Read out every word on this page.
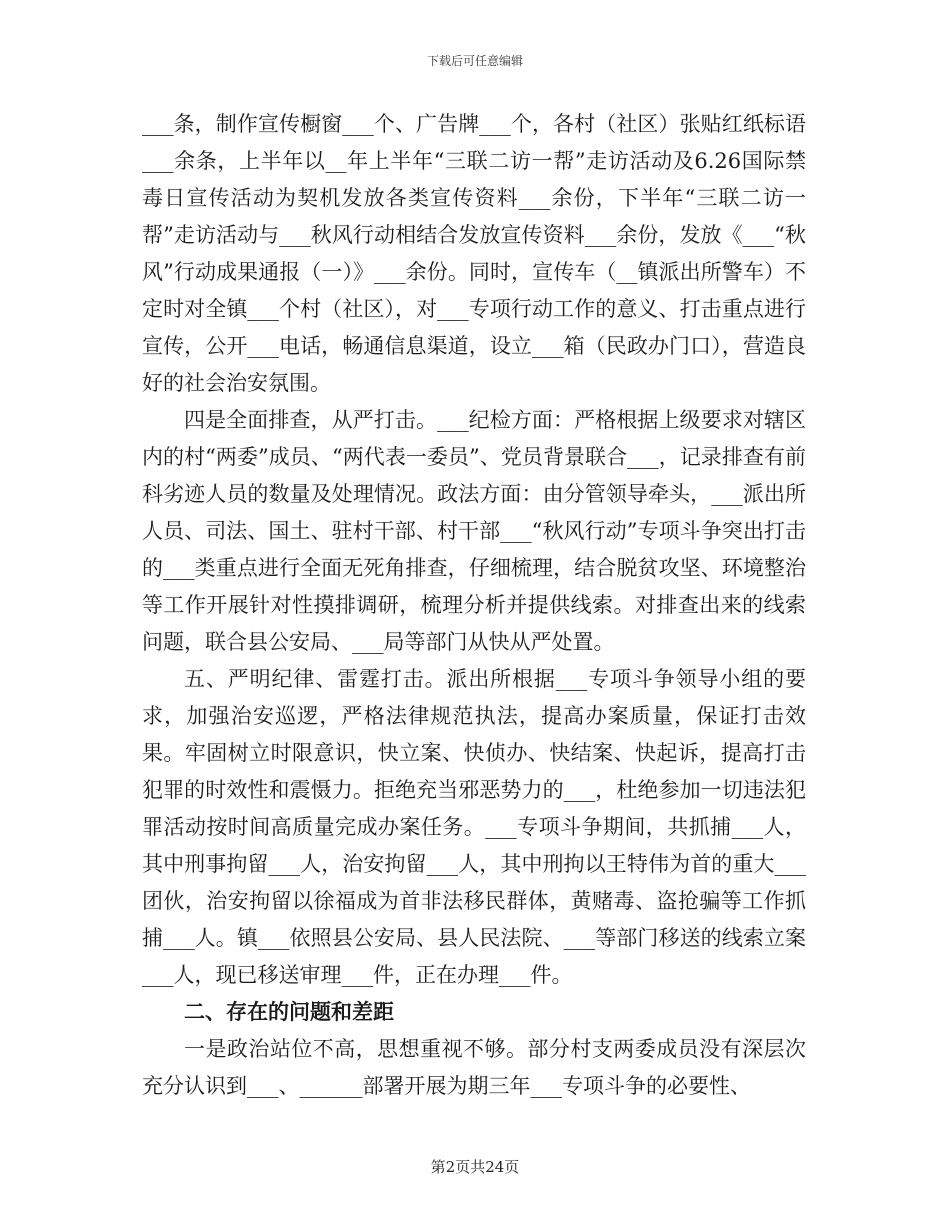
下载后可任意编辑

___条，制作宣传橱窗___个、广告牌___个，各村（社区）张贴红纸标语___余条，上半年以__年上半年“三联二访一帮”走访活动及6.26国际禁毒日宣传活动为契机发放各类宣传资料___余份，下半年“三联二访一帮”走访活动与___秋风行动相结合发放宣传资料___余份，发放《___“秋风”行动成果通报（一）》___余份。同时，宣传车（__镇派出所警车）不定时对全镇___个村（社区），对___专项行动工作的意义、打击重点进行宣传，公开___电话，畅通信息渠道，设立___箱（民政办门口），营造良好的社会治安氛围。

四是全面排查，从严打击。___纪检方面：严格根据上级要求对辖区内的村“两委”成员、“两代表一委员”、党员背景联合___，记录排查有前科劣迹人员的数量及处理情况。政法方面：由分管领导牵头，___派出所人员、司法、国土、驻村干部、村干部___“秋风行动”专项斗争突出打击的___类重点进行全面无死角排查，仔细梳理，结合脱贫攻坚、环境整治等工作开展针对性摸排调研，梳理分析并提供线索。对排查出来的线索问题，联合县公安局、___局等部门从快从严处置。

五、严明纪律、雷霆打击。派出所根据___专项斗争领导小组的要求，加强治安巡逻，严格法律规范执法，提高办案质量，保证打击效果。牢固树立时限意识，快立案、快侦办、快结案、快起诉，提高打击犯罪的时效性和震慑力。拒绝充当邪恶势力的___，杜绝参加一切违法犯罪活动按时间高质量完成办案任务。___专项斗争期间，共抓捕___人，其中刑事拘留___人，治安拘留___人，其中刑拘以王特伟为首的重大___团伙，治安拘留以徐福成为首非法移民群体，黄赌毒、盗抢骗等工作抓捕___人。镇___依照县公安局、县人民法院、___等部门移送的线索立案___人，现已移送审理___件，正在办理___件。

二、存在的问题和差距

一是政治站位不高，思想重视不够。部分村支两委成员没有深层次充分认识到___、______部署开展为期三年___专项斗争的必要性、

第2页共24页
